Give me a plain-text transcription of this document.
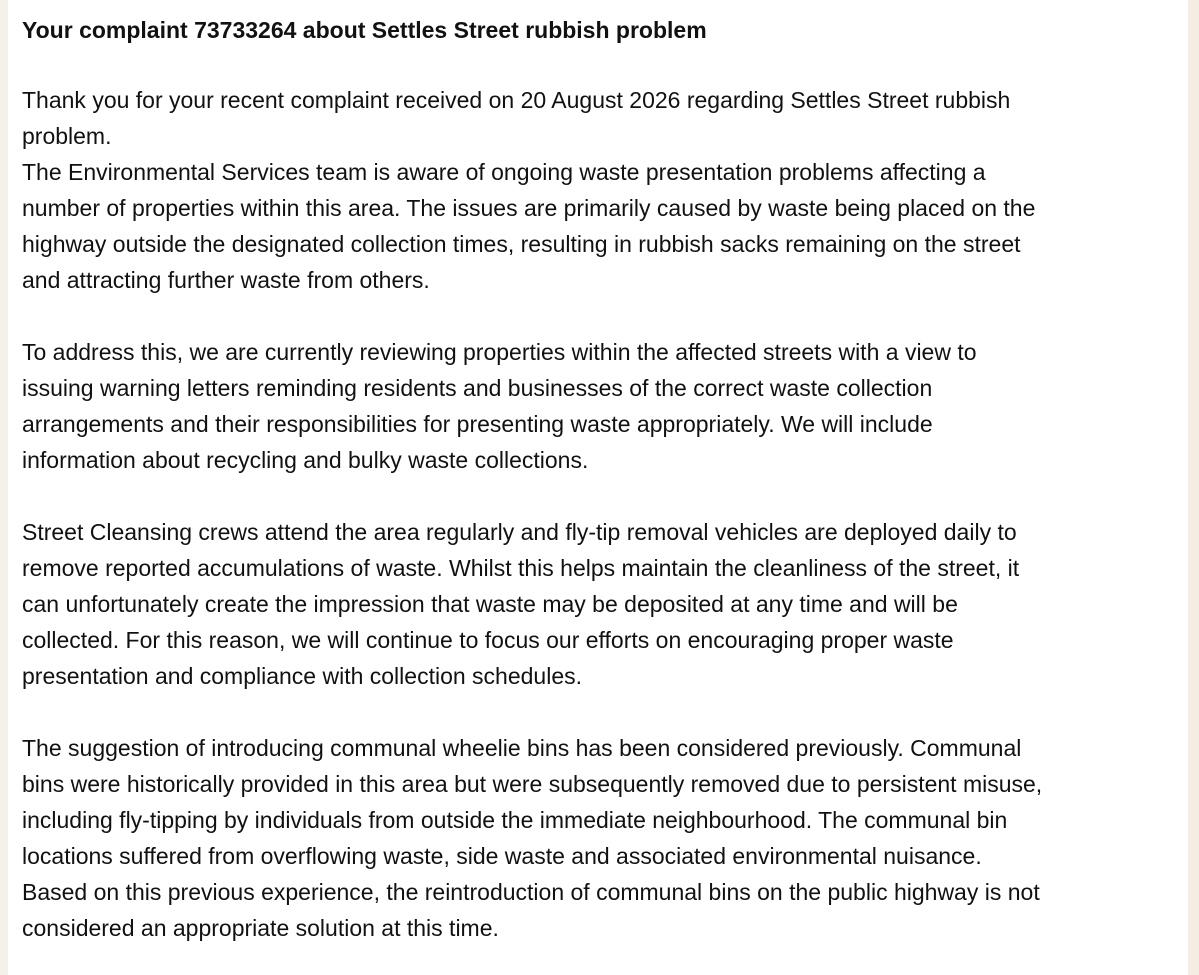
Your complaint 73733264 about Settles Street rubbish problem
Thank you for your recent complaint received on 20 August 2026 regarding Settles Street rubbish
problem.
The Environmental Services team is aware of ongoing waste presentation problems affecting a
number of properties within this area. The issues are primarily caused by waste being placed on the
highway outside the designated collection times, resulting in rubbish sacks remaining on the street
and attracting further waste from others.
To address this, we are currently reviewing properties within the affected streets with a view to
issuing warning letters reminding residents and businesses of the correct waste collection
arrangements and their responsibilities for presenting waste appropriately. We will include
information about recycling and bulky waste collections.
Street Cleansing crews attend the area regularly and fly-tip removal vehicles are deployed daily to
remove reported accumulations of waste. Whilst this helps maintain the cleanliness of the street, it
can unfortunately create the impression that waste may be deposited at any time and will be
collected. For this reason, we will continue to focus our efforts on encouraging proper waste
presentation and compliance with collection schedules.
The suggestion of introducing communal wheelie bins has been considered previously. Communal
bins were historically provided in this area but were subsequently removed due to persistent misuse,
including fly-tipping by individuals from outside the immediate neighbourhood. The communal bin
locations suffered from overflowing waste, side waste and associated environmental nuisance.
Based on this previous experience, the reintroduction of communal bins on the public highway is not
considered an appropriate solution at this time.
